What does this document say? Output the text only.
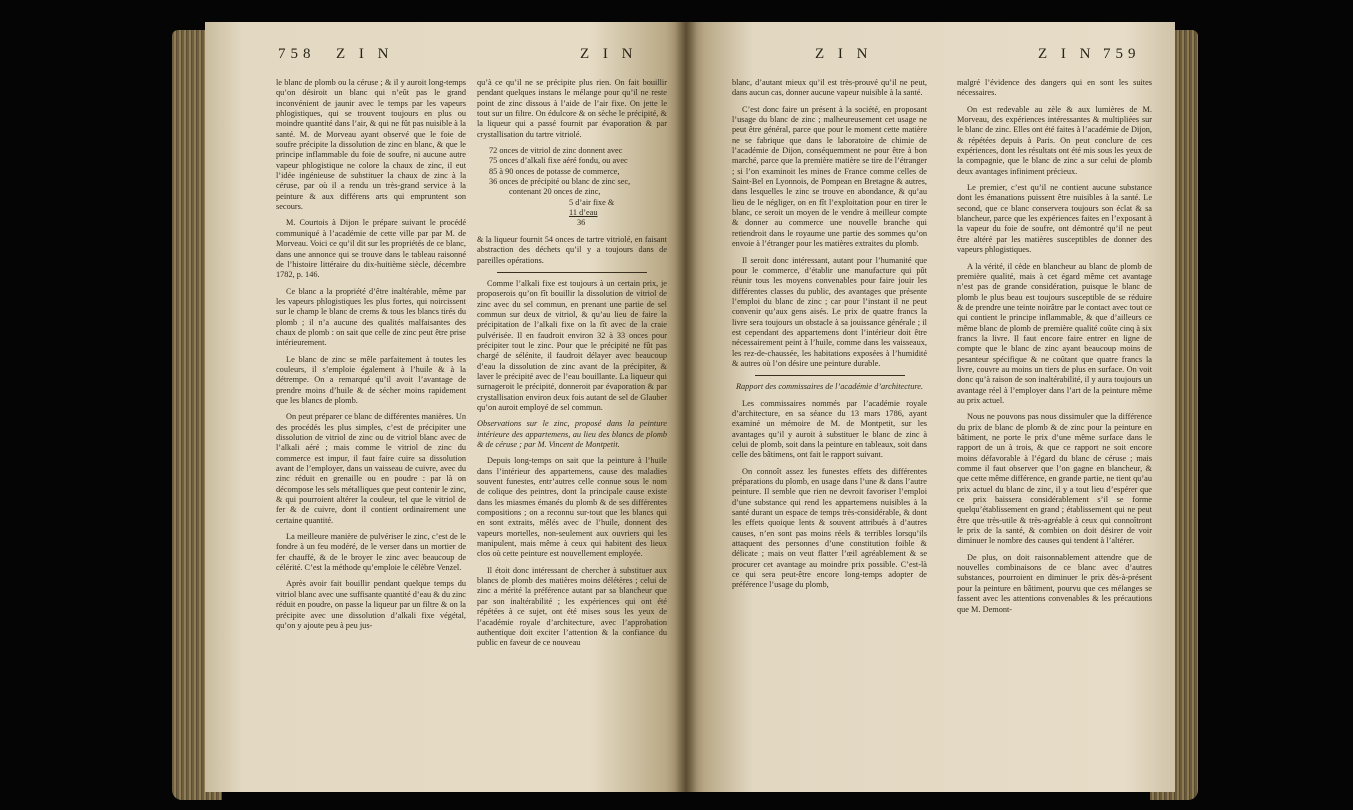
758 Z I N	Z I N	Z I N	Z I N 759

le blanc de plomb ou la céruse ; & il y auroit long-temps qu’on désiroit un blanc qui n’eût pas le grand inconvénient de jaunir avec le temps par les vapeurs phlogistiques, qui se trouvent toujours en plus ou moindre quantité dans l’air, & qui ne fût pas nuisible à la santé. M. de Morveau ayant observé que le foie de soufre précipite la dissolution de zinc en blanc, & que le principe inflammable du foie de soufre, ni aucune autre vapeur phlogistique ne colore la chaux de zinc, il eut l’idée ingénieuse de substituer la chaux de zinc à la céruse, par où il a rendu un très-grand service à la peinture & aux différens arts qui empruntent son secours.

M. Courtois à Dijon le prépare suivant le procédé communiqué à l’académie de cette ville par par M. de Morveau. Voici ce qu’il dit sur les propriétés de ce blanc, dans une annonce qui se trouve dans le tableau raisonné de l’histoire littéraire du dix-huitième siècle, décembre 1782, p. 146.

Ce blanc a la propriété d’être inaltérable, même par les vapeurs phlogistiques les plus fortes, qui noircissent sur le champ le blanc de crems & tous les blancs tirés du plomb ; il n’a aucune des qualités malfaisantes des chaux de plomb : on sait que celle de zinc peut être prise intérieurement.

Le blanc de zinc se mêle parfaitement à toutes les couleurs, il s’emploie également à l’huile & à la détrempe. On a remarqué qu’il avoit l’avantage de prendre moins d’huile & de sécher moins rapidement que les blancs de plomb.

On peut préparer ce blanc de différentes manières. Un des procédés les plus simples, c’est de précipiter une dissolution de vitriol de zinc ou de vitriol blanc avec de l’alkali aéré ; mais comme le vitriol de zinc du commerce est impur, il faut faire cuire sa dissolution avant de l’employer, dans un vaisseau de cuivre, avec du zinc réduit en grenaille ou en poudre : par là on décompose les sels métalliques que peut contenir le zinc, & qui pourroient altérer la couleur, tel que le vitriol de fer & de cuivre, dont il contient ordinairement une certaine quantité.

La meilleure manière de pulvériser le zinc, c’est de le fondre à un feu modéré, de le verser dans un mortier de fer chauffé, & de le broyer le zinc avec beaucoup de célérité. C’est la méthode qu’emploie le célèbre Venzel.

Après avoir fait bouillir pendant quelque temps du vitriol blanc avec une suffisante quantité d’eau & du zinc réduit en poudre, on passe la liqueur par un filtre & on la précipite avec une dissolution d’alkali fixe végétal, qu’on y ajoute peu à peu jus-

qu’à ce qu’il ne se précipite plus rien. On fait bouillir pendant quelques instans le mélange pour qu’il ne reste point de zinc dissous à l’aide de l’air fixe. On jette le tout sur un filtre. On édulcore & on sèche le précipité, & la liqueur qui a passé fournit par évaporation & par crystallisation du tartre vitriolé.

72 onces de vitriol de zinc donnent avec
75 onces d’alkali fixe aéré fondu, ou avec
85 à 90 onces de potasse de commerce,
36 onces de précipité ou blanc de zinc sec,
contenant 20 onces de zinc,
5 d’air fixe &
11 d’eau
36

& la liqueur fournit 54 onces de tartre vitriolé, en faisant abstraction des déchets qu’il y a toujours dans de pareilles opérations.

Comme l’alkali fixe est toujours à un certain prix, je proposerois qu’on fît bouillir la dissolution de vitriol de zinc avec du sel commun, en prenant une partie de sel commun sur deux de vitriol, & qu’au lieu de faire la précipitation de l’alkali fixe on la fît avec de la craie pulvérisée. Il en faudroit environ 32 à 33 onces pour précipiter tout le zinc. Pour que le précipité ne fût pas chargé de sélénite, il faudroit délayer avec beaucoup d’eau la dissolution de zinc avant de la précipiter, & laver le précipité avec de l’eau bouillante. La liqueur qui surnageroit le précipité, donneroit par évaporation & par crystallisation environ deux fois autant de sel de Glauber qu’on auroit employé de sel commun.

Observations sur le zinc, proposé dans la peinture intérieure des appartemens, au lieu des blancs de plomb & de céruse ; par M. Vincent de Montpetit.

Depuis long-temps on sait que la peinture à l’huile dans l’intérieur des appartemens, cause des maladies souvent funestes, entr’autres celle connue sous le nom de colique des peintres, dont la principale cause existe dans les miasmes émanés du plomb & de ses différentes compositions ; on a reconnu sur-tout que les blancs qui en sont extraits, mêlés avec de l’huile, donnent des vapeurs mortelles, non-seulement aux ouvriers qui les manipulent, mais même à ceux qui habitent des lieux clos où cette peinture est nouvellement employée.

Il étoit donc intéressant de chercher à substituer aux blancs de plomb des matières moins délétères ; celui de zinc a mérité la préférence autant par sa blancheur que par son inaltérabilité ; les expériences qui ont été répétées à ce sujet, ont été mises sous les yeux de l’académie royale d’architecture, avec l’approbation authentique doit exciter l’attention & la confiance du public en faveur de ce nouveau

blanc, d’autant mieux qu’il est très-prouvé qu’il ne peut, dans aucun cas, donner aucune vapeur nuisible à la santé.

C’est donc faire un présent à la société, en proposant l’usage du blanc de zinc ; malheureusement cet usage ne peut être général, parce que pour le moment cette matière ne se fabrique que dans le laboratoire de chimie de l’académie de Dijon, conséquemment ne pour être à bon marché, parce que la première matière se tire de l’étranger ; si l’on examinoit les mines de France comme celles de Saint-Bel en Lyonnois, de Pompean en Bretagne & autres, dans lesquelles le zinc se trouve en abondance, & qu’au lieu de le négliger, on en fît l’exploitation pour en tirer le blanc, ce seroit un moyen de le vendre à meilleur compte & donner au commerce une nouvelle branche qui retiendroit dans le royaume une partie des sommes qu’on envoie à l’étranger pour les matières extraites du plomb.

Il seroit donc intéressant, autant pour l’humanité que pour le commerce, d’établir une manufacture qui pût réunir tous les moyens convenables pour faire jouir les différentes classes du public, des avantages que présente l’emploi du blanc de zinc ; car pour l’instant il ne peut convenir qu’aux gens aisés. Le prix de quatre francs la livre sera toujours un obstacle à sa jouissance générale ; il est cependant des appartemens dont l’intérieur doit être nécessairement peint à l’huile, comme dans les vaisseaux, les rez-de-chaussée, les habitations exposées à l’humidité & autres où l’on désire une peinture durable.

Rapport des commissaires de l’académie d’architecture.

Les commissaires nommés par l’académie royale d’architecture, en sa séance du 13 mars 1786, ayant examiné un mémoire de M. de Montpetit, sur les avantages qu’il y auroit à substituer le blanc de zinc à celui de plomb, soit dans la peinture en tableaux, soit dans celle des bâtimens, ont fait le rapport suivant.

On connoît assez les funestes effets des différentes préparations du plomb, en usage dans l’une & dans l’autre peinture. Il semble que rien ne devroit favoriser l’emploi d’une substance qui rend les appartemens nuisibles à la santé durant un espace de temps très-considérable, & dont les effets quoique lents & souvent attribués à d’autres causes, n’en sont pas moins réels & terribles lorsqu’ils attaquent des personnes d’une constitution foible & délicate ; mais on veut flatter l’œil agréablement & se procurer cet avantage au moindre prix possible. C’est-là ce qui sera peut-être encore long-temps adopter de préférence l’usage du plomb,

malgré l’évidence des dangers qui en sont les suites nécessaires.

On est redevable au zèle & aux lumières de M. Morveau, des expériences intéressantes & multipliées sur le blanc de zinc. Elles ont été faites à l’académie de Dijon, & répétées depuis à Paris. On peut conclure de ces expériences, dont les résultats ont été mis sous les yeux de la compagnie, que le blanc de zinc a sur celui de plomb deux avantages infiniment précieux.

Le premier, c’est qu’il ne contient aucune substance dont les émanations puissent être nuisibles à la santé. Le second, que ce blanc conservera toujours son éclat & sa blancheur, parce que les expériences faites en l’exposant à la vapeur du foie de soufre, ont démontré qu’il ne peut être altéré par les matières susceptibles de donner des vapeurs phlogistiques.

A la vérité, il cède en blancheur au blanc de plomb de première qualité, mais à cet égard même cet avantage n’est pas de grande considération, puisque le blanc de plomb le plus beau est toujours susceptible de se réduire & de prendre une teinte noirâtre par le contact avec tout ce qui contient le principe inflammable, & que d’ailleurs ce même blanc de plomb de première qualité coûte cinq à six francs la livre. Il faut encore faire entrer en ligne de compte que le blanc de zinc ayant beaucoup moins de pesanteur spécifique & ne coûtant que quatre francs la livre, couvre au moins un tiers de plus en surface. On voit donc qu’à raison de son inaltérabilité, il y aura toujours un avantage réel à l’employer dans l’art de la peinture même au prix actuel.

Nous ne pouvons pas nous dissimuler que la différence du prix de blanc de plomb & de zinc pour la peinture en bâtiment, ne porte le prix d’une même surface dans le rapport de un à trois, & que ce rapport ne soit encore moins défavorable à l’égard du blanc de céruse ; mais comme il faut observer que l’on gagne en blancheur, & que cette même différence, en grande partie, ne tient qu’au prix actuel du blanc de zinc, il y a tout lieu d’espérer que ce prix baissera considérablement s’il se forme quelqu’établissement en grand ; établissement qui ne peut être que très-utile & très-agréable à ceux qui connoîtront le prix de la santé, & combien on doit désirer de voir diminuer le nombre des causes qui tendent à l’altérer.

De plus, on doit raisonnablement attendre que de nouvelles combinaisons de ce blanc avec d’autres substances, pourroient en diminuer le prix dès-à-présent pour la peinture en bâtiment, pourvu que ces mélanges se fassent avec les attentions convenables & les précautions que M. Demont-
